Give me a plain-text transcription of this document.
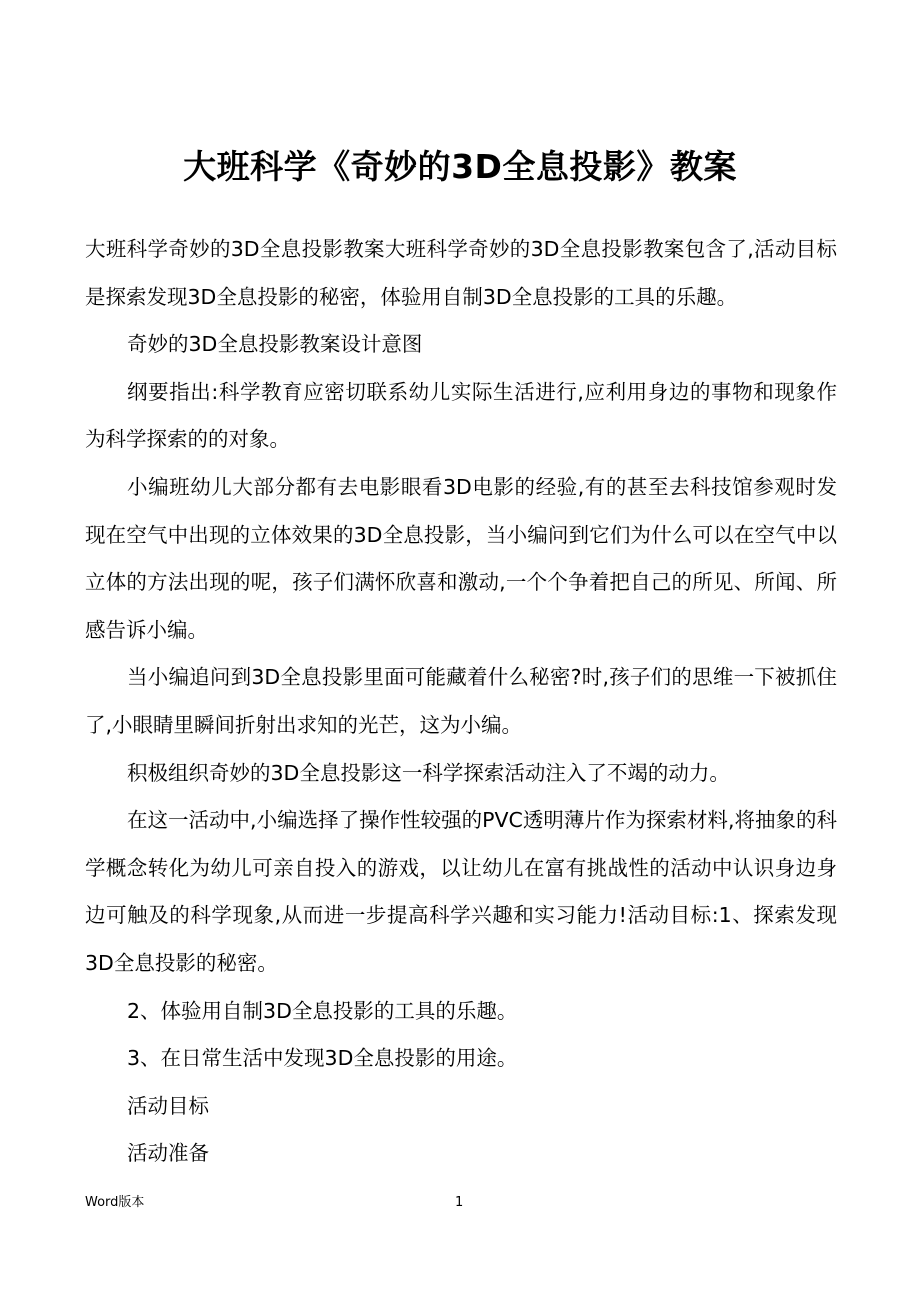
大班科学《奇妙的3D全息投影》教案

大班科学奇妙的3D全息投影教案大班科学奇妙的3D全息投影教案包含了,活动目标是探索发现3D全息投影的秘密，体验用自制3D全息投影的工具的乐趣。

奇妙的3D全息投影教案设计意图

纲要指出:科学教育应密切联系幼儿实际生活进行,应利用身边的事物和现象作为科学探索的的对象。

小编班幼儿大部分都有去电影眼看3D电影的经验,有的甚至去科技馆参观时发现在空气中出现的立体效果的3D全息投影，当小编问到它们为什么可以在空气中以立体的方法出现的呢，孩子们满怀欣喜和激动,一个个争着把自己的所见、所闻、所感告诉小编。

当小编追问到3D全息投影里面可能藏着什么秘密?时,孩子们的思维一下被抓住了,小眼睛里瞬间折射出求知的光芒，这为小编。

积极组织奇妙的3D全息投影这一科学探索活动注入了不竭的动力。

在这一活动中,小编选择了操作性较强的PVC透明薄片作为探索材料,将抽象的科学概念转化为幼儿可亲自投入的游戏，以让幼儿在富有挑战性的活动中认识身边身边可触及的科学现象,从而进一步提高科学兴趣和实习能力!活动目标:1、探索发现3D全息投影的秘密。

2、体验用自制3D全息投影的工具的乐趣。

3、在日常生活中发现3D全息投影的用途。

活动目标

活动准备

Word版本	1
